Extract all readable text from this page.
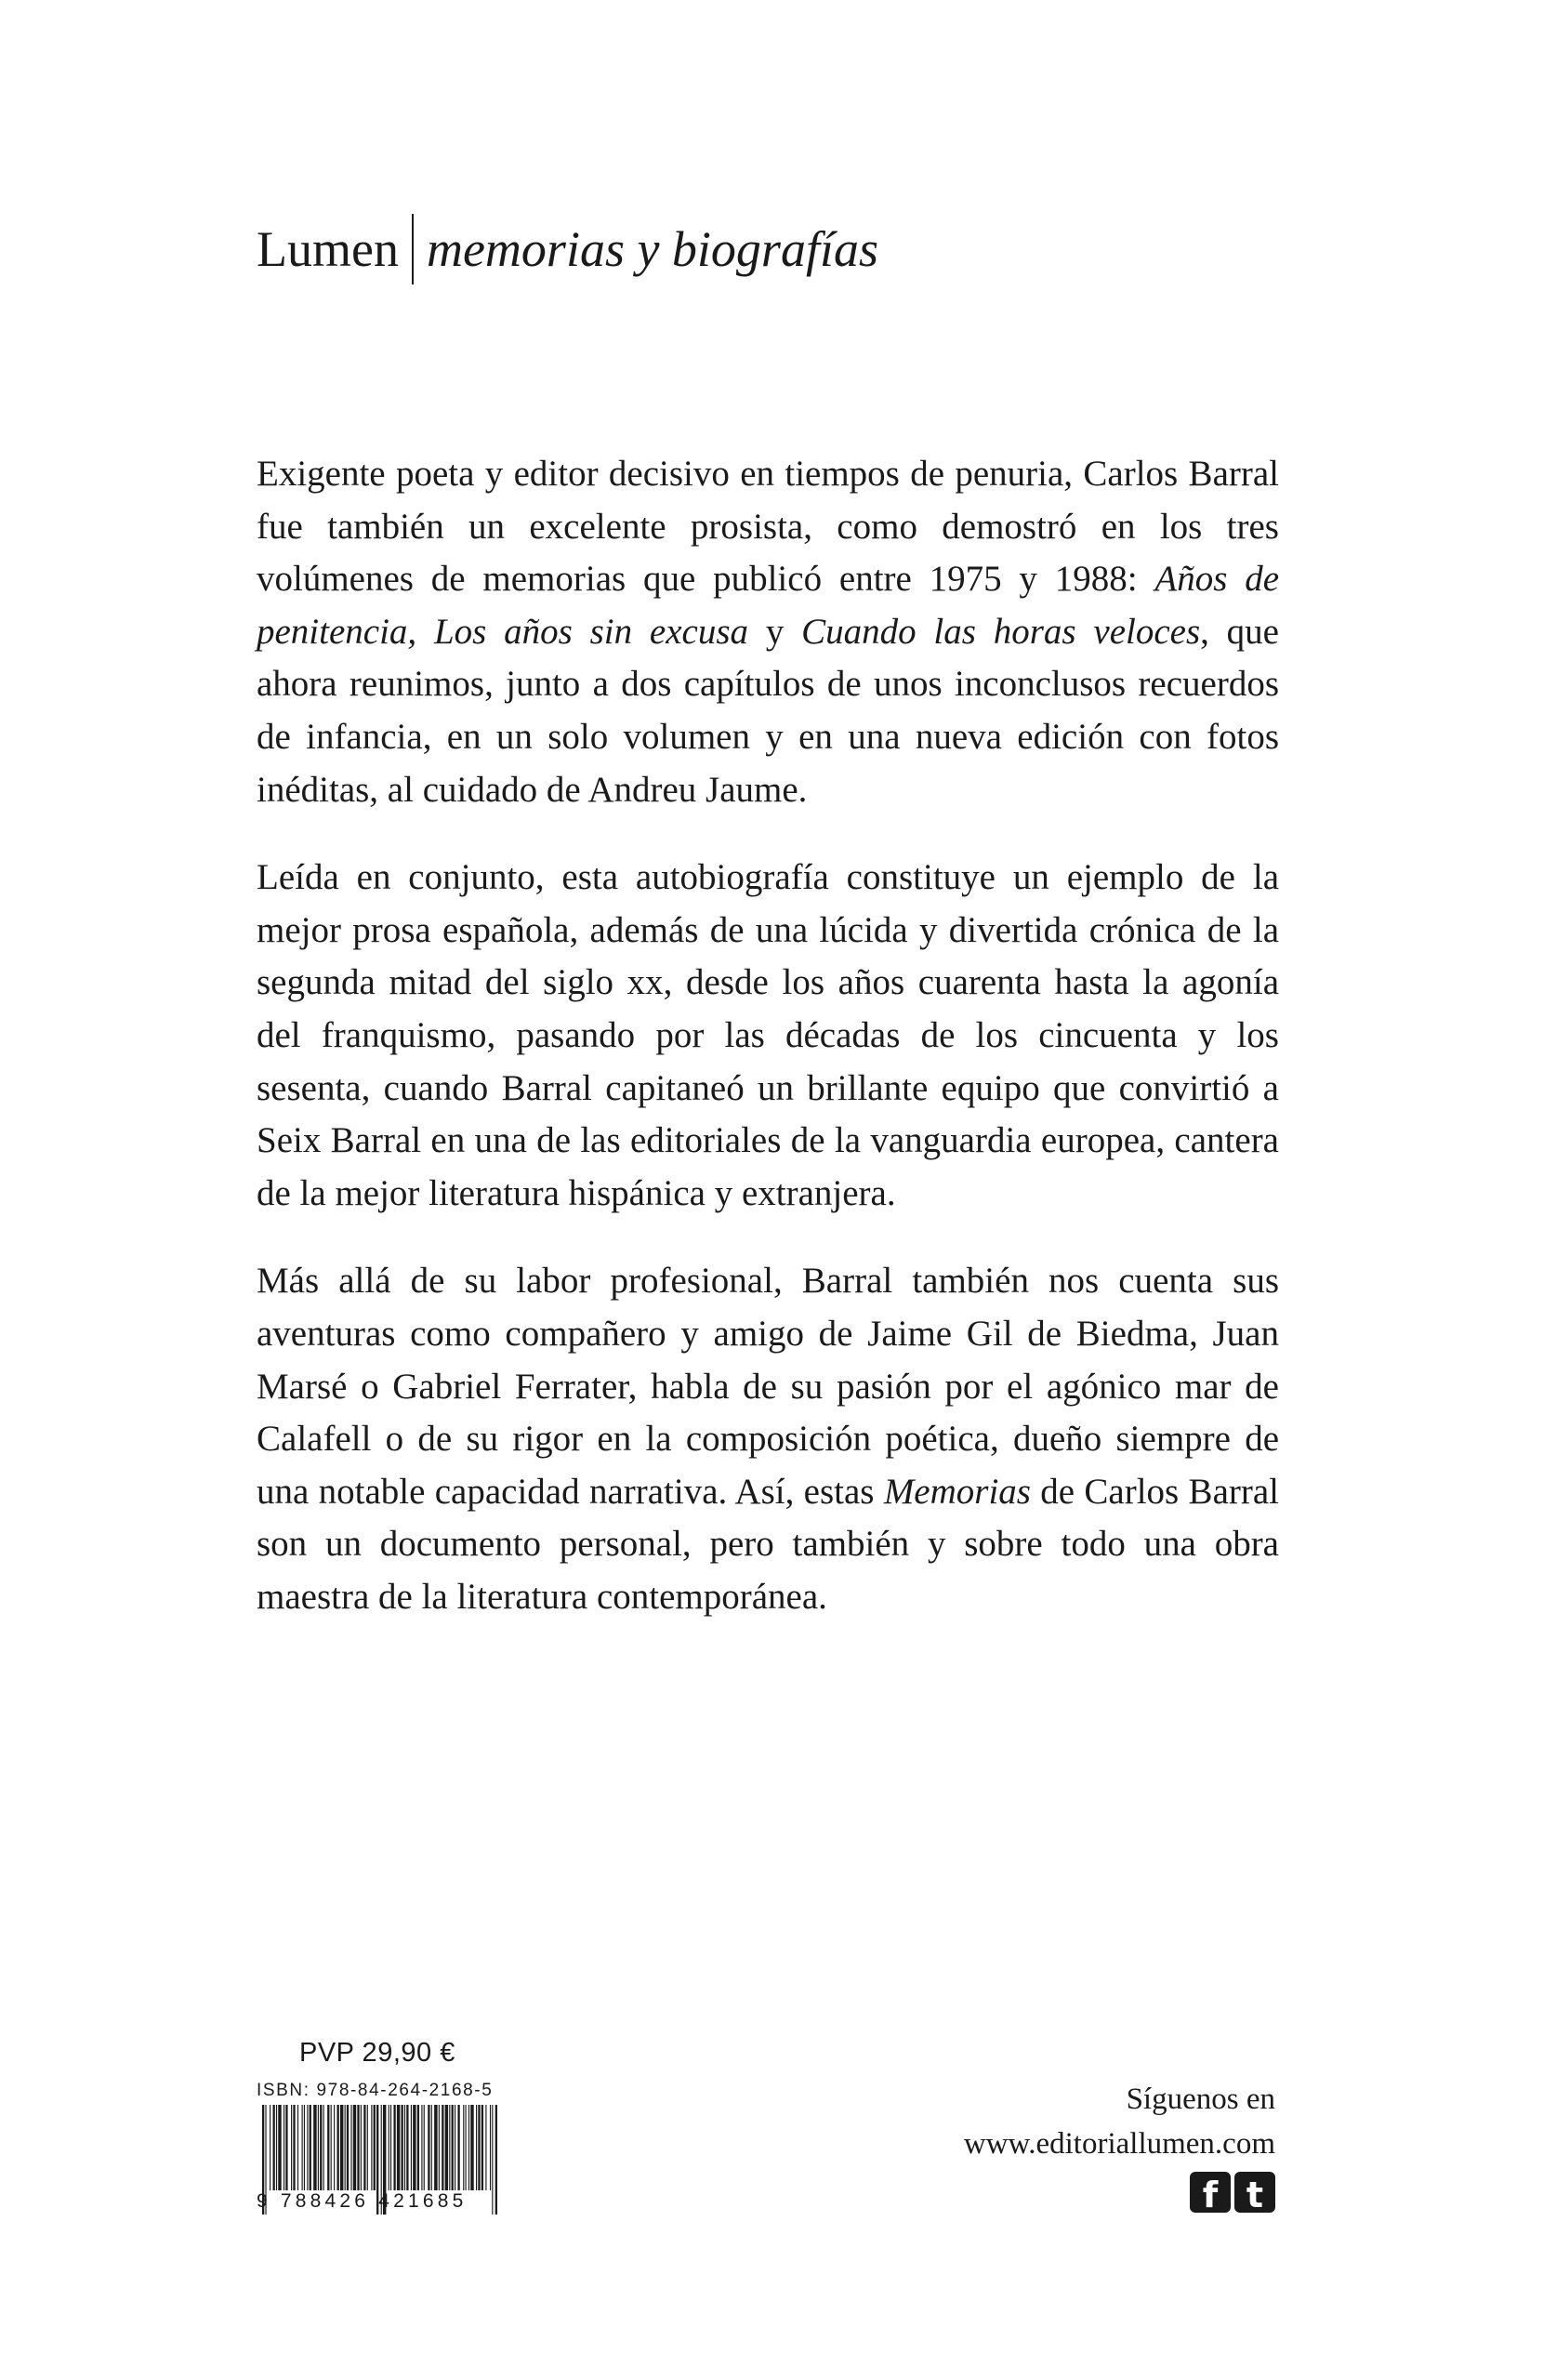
Lumen memorias y biografías

Exigente poeta y editor decisivo en tiempos de penuria, Carlos Barral fue también un excelente prosista, como demostró en los tres volúmenes de memorias que publicó entre 1975 y 1988: Años de penitencia, Los años sin excusa y Cuando las horas veloces, que ahora reunimos, junto a dos capítulos de unos inconclusos recuerdos de infancia, en un solo volumen y en una nueva edición con fotos inéditas, al cuidado de Andreu Jaume.

Leída en conjunto, esta autobiografía constituye un ejemplo de la mejor prosa española, además de una lúcida y divertida crónica de la segunda mitad del siglo xx, desde los años cuarenta hasta la agonía del franquismo, pasando por las décadas de los cincuenta y los sesenta, cuando Barral capitaneó un brillante equipo que convirtió a Seix Barral en una de las editoriales de la vanguardia europea, cantera de la mejor literatura hispánica y extranjera.

Más allá de su labor profesional, Barral también nos cuenta sus aventuras como compañero y amigo de Jaime Gil de Biedma, Juan Marsé o Gabriel Ferrater, habla de su pasión por el agónico mar de Calafell o de su rigor en la composición poética, dueño siempre de una notable capacidad narrativa. Así, estas Memorias de Carlos Barral son un documento personal, pero también y sobre todo una obra maestra de la literatura contemporánea.

PVP 29,90 €
ISBN: 978-84-264-2168-5
9 788426 421685
Síguenos en
www.editoriallumen.com
f t
